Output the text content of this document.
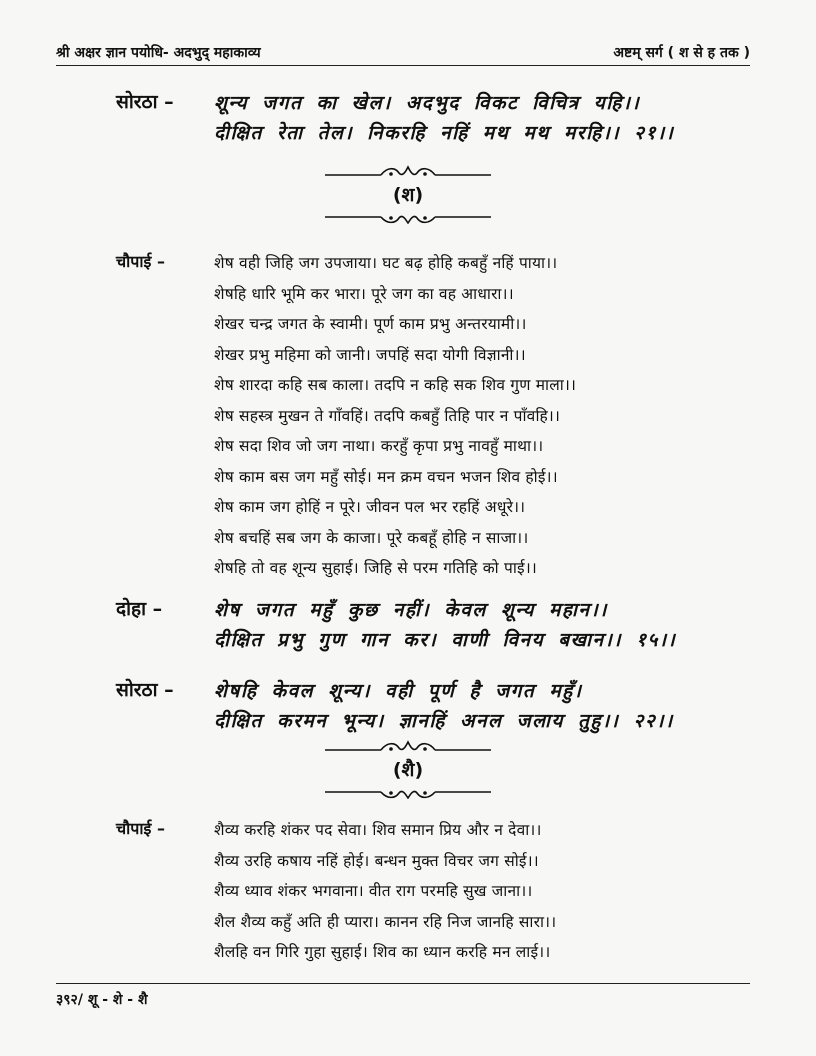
श्री अक्षर ज्ञान पयोधि- अदभुद् महाकाव्य	अष्टम् सर्ग ( श से ह तक )
सोरठा – शून्य जगत का खेल। अदभुद विकट विचित्र यहि।।
दीक्षित रेता तेल। निकरहि नहिं मथ मथ मरहि।। २१।।
(श)
चौपाई –	शेष वही जिहि जग उपजाया। घट बढ़ होहि कबहुँ नहिं पाया।।
शेषहि धारि भूमि कर भारा। पूरे जग का वह आधारा।।
शेखर चन्द्र जगत के स्वामी। पूर्ण काम प्रभु अन्तरयामी।।
शेखर प्रभु महिमा को जानी। जपहिं सदा योगी विज्ञानी।।
शेष शारदा कहि सब काला। तदपि न कहि सक शिव गुण माला।।
शेष सहस्त्र मुखन ते गाँवहिं। तदपि कबहुँ तिहि पार न पाँवहि।।
शेष सदा शिव जो जग नाथा। करहुँ कृपा प्रभु नावहुँ माथा।।
शेष काम बस जग महुँ सोई। मन क्रम वचन भजन शिव होई।।
शेष काम जग होहिं न पूरे। जीवन पल भर रहहिं अधूरे।।
शेष बचहिं सब जग के काजा। पूरे कबहूँ होहि न साजा।।
शेषहि तो वह शून्य सुहाई। जिहि से परम गतिहि को पाई।।
दोहा –	शेष जगत महुँ कुछ नहीं। केवल शून्य महान।।
दीक्षित प्रभु गुण गान कर। वाणी विनय बखान।। १५।।
सोरठा – शेषहि केवल शून्य। वही पूर्ण है जगत महुँ।
दीक्षित करमन भून्य। ज्ञानहिं अनल जलाय तुहु।। २२।।
(शै)
चौपाई –	शैव्य करहि शंकर पद सेवा। शिव समान प्रिय और न देवा।।
शैव्य उरहि कषाय नहिं होई। बन्धन मुक्त विचर जग सोई।।
शैव्य ध्याव शंकर भगवाना। वीत राग परमहि सुख जाना।।
शैल शैव्य कहुँ अति ही प्यारा। कानन रहि निज जानहि सारा।।
शैलहि वन गिरि गुहा सुहाई। शिव का ध्यान करहि मन लाई।।
३९२/ शू - शे - शै
